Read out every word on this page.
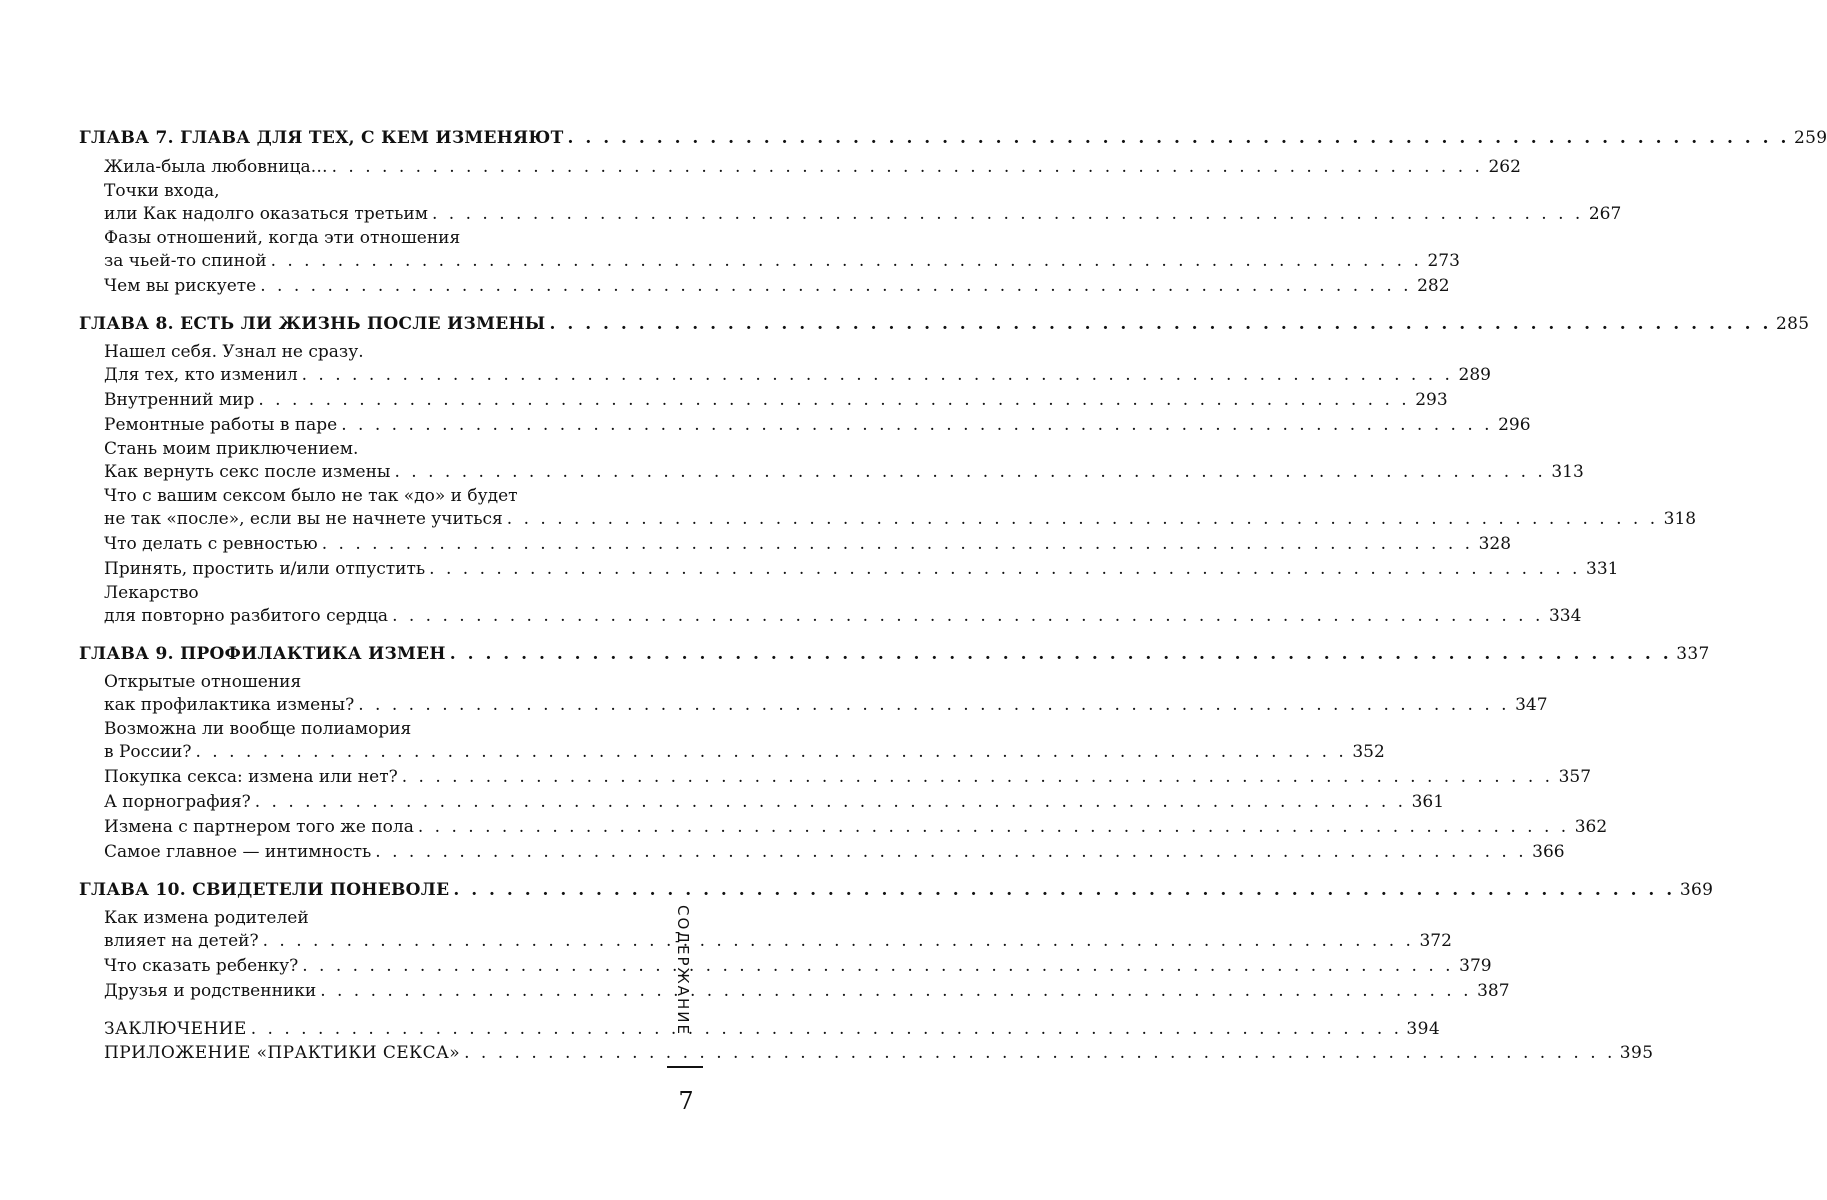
ГЛАВА 7. ГЛАВА ДЛЯ ТЕХ, С КЕМ ИЗМЕНЯЮТ . . . . . . . . . . . . . . . . . . . . . . . . . . . . . . . . . . . . . . . . . . . . . . . . . . . . . . . . . . . . . . . . . . . . . 259
Жила-была любовница… . . . . . . . . . . . . . . . . . . . . . . . . . . . . . . . . . . . . . . . . . . . . . . . . . . . . . . . . . . . . . . . . . . . . . 262
Точки входа,
или Как надолго оказаться третьим . . . . . . . . . . . . . . . . . . . . . . . . . . . . . . . . . . . . . . . . . . . . . . . . . . . . . . . . . . . . . . . . . . . . . 267
Фазы отношений, когда эти отношения
за чьей-то спиной . . . . . . . . . . . . . . . . . . . . . . . . . . . . . . . . . . . . . . . . . . . . . . . . . . . . . . . . . . . . . . . . . . . . . 273
Чем вы рискуете . . . . . . . . . . . . . . . . . . . . . . . . . . . . . . . . . . . . . . . . . . . . . . . . . . . . . . . . . . . . . . . . . . . . . 282
ГЛАВА 8. ЕСТЬ ЛИ ЖИЗНЬ ПОСЛЕ ИЗМЕНЫ . . . . . . . . . . . . . . . . . . . . . . . . . . . . . . . . . . . . . . . . . . . . . . . . . . . . . . . . . . . . . . . . . . . . . 285
Нашел себя. Узнал не сразу.
Для тех, кто изменил . . . . . . . . . . . . . . . . . . . . . . . . . . . . . . . . . . . . . . . . . . . . . . . . . . . . . . . . . . . . . . . . . . . . . 289
Внутренний мир . . . . . . . . . . . . . . . . . . . . . . . . . . . . . . . . . . . . . . . . . . . . . . . . . . . . . . . . . . . . . . . . . . . . . 293
Ремонтные работы в паре . . . . . . . . . . . . . . . . . . . . . . . . . . . . . . . . . . . . . . . . . . . . . . . . . . . . . . . . . . . . . . . . . . . . . 296
Стань моим приключением.
Как вернуть секс после измены . . . . . . . . . . . . . . . . . . . . . . . . . . . . . . . . . . . . . . . . . . . . . . . . . . . . . . . . . . . . . . . . . . . . . 313
Что с вашим сексом было не так «до» и будет
не так «после», если вы не начнете учиться . . . . . . . . . . . . . . . . . . . . . . . . . . . . . . . . . . . . . . . . . . . . . . . . . . . . . . . . . . . . . . . . . . . . . 318
Что делать с ревностью . . . . . . . . . . . . . . . . . . . . . . . . . . . . . . . . . . . . . . . . . . . . . . . . . . . . . . . . . . . . . . . . . . . . . 328
Принять, простить и/или отпустить . . . . . . . . . . . . . . . . . . . . . . . . . . . . . . . . . . . . . . . . . . . . . . . . . . . . . . . . . . . . . . . . . . . . . 331
Лекарство
для повторно разбитого сердца . . . . . . . . . . . . . . . . . . . . . . . . . . . . . . . . . . . . . . . . . . . . . . . . . . . . . . . . . . . . . . . . . . . . . 334
ГЛАВА 9. ПРОФИЛАКТИКА ИЗМЕН . . . . . . . . . . . . . . . . . . . . . . . . . . . . . . . . . . . . . . . . . . . . . . . . . . . . . . . . . . . . . . . . . . . . . 337
Открытые отношения
как профилактика измены? . . . . . . . . . . . . . . . . . . . . . . . . . . . . . . . . . . . . . . . . . . . . . . . . . . . . . . . . . . . . . . . . . . . . . 347
Возможна ли вообще полиамория
в России? . . . . . . . . . . . . . . . . . . . . . . . . . . . . . . . . . . . . . . . . . . . . . . . . . . . . . . . . . . . . . . . . . . . . . 352
Покупка секса: измена или нет? . . . . . . . . . . . . . . . . . . . . . . . . . . . . . . . . . . . . . . . . . . . . . . . . . . . . . . . . . . . . . . . . . . . . . 357
А порнография? . . . . . . . . . . . . . . . . . . . . . . . . . . . . . . . . . . . . . . . . . . . . . . . . . . . . . . . . . . . . . . . . . . . . . 361
Измена с партнером того же пола . . . . . . . . . . . . . . . . . . . . . . . . . . . . . . . . . . . . . . . . . . . . . . . . . . . . . . . . . . . . . . . . . . . . . 362
Самое главное — интимность . . . . . . . . . . . . . . . . . . . . . . . . . . . . . . . . . . . . . . . . . . . . . . . . . . . . . . . . . . . . . . . . . . . . . 366
ГЛАВА 10. СВИДЕТЕЛИ ПОНЕВОЛЕ . . . . . . . . . . . . . . . . . . . . . . . . . . . . . . . . . . . . . . . . . . . . . . . . . . . . . . . . . . . . . . . . . . . . . 369
Как измена родителей
влияет на детей? . . . . . . . . . . . . . . . . . . . . . . . . . . . . . . . . . . . . . . . . . . . . . . . . . . . . . . . . . . . . . . . . . . . . . 372
Что сказать ребенку? . . . . . . . . . . . . . . . . . . . . . . . . . . . . . . . . . . . . . . . . . . . . . . . . . . . . . . . . . . . . . . . . . . . . . 379
Друзья и родственники . . . . . . . . . . . . . . . . . . . . . . . . . . . . . . . . . . . . . . . . . . . . . . . . . . . . . . . . . . . . . . . . . . . . . 387
ЗАКЛЮЧЕНИЕ . . . . . . . . . . . . . . . . . . . . . . . . . . . . . . . . . . . . . . . . . . . . . . . . . . . . . . . . . . . . . . . . . . . . . 394
ПРИЛОЖЕНИЕ «ПРАКТИКИ СЕКСА» . . . . . . . . . . . . . . . . . . . . . . . . . . . . . . . . . . . . . . . . . . . . . . . . . . . . . . . . . . . . . . . . . . . . . 395
СОДЕРЖАНИЕ
7
